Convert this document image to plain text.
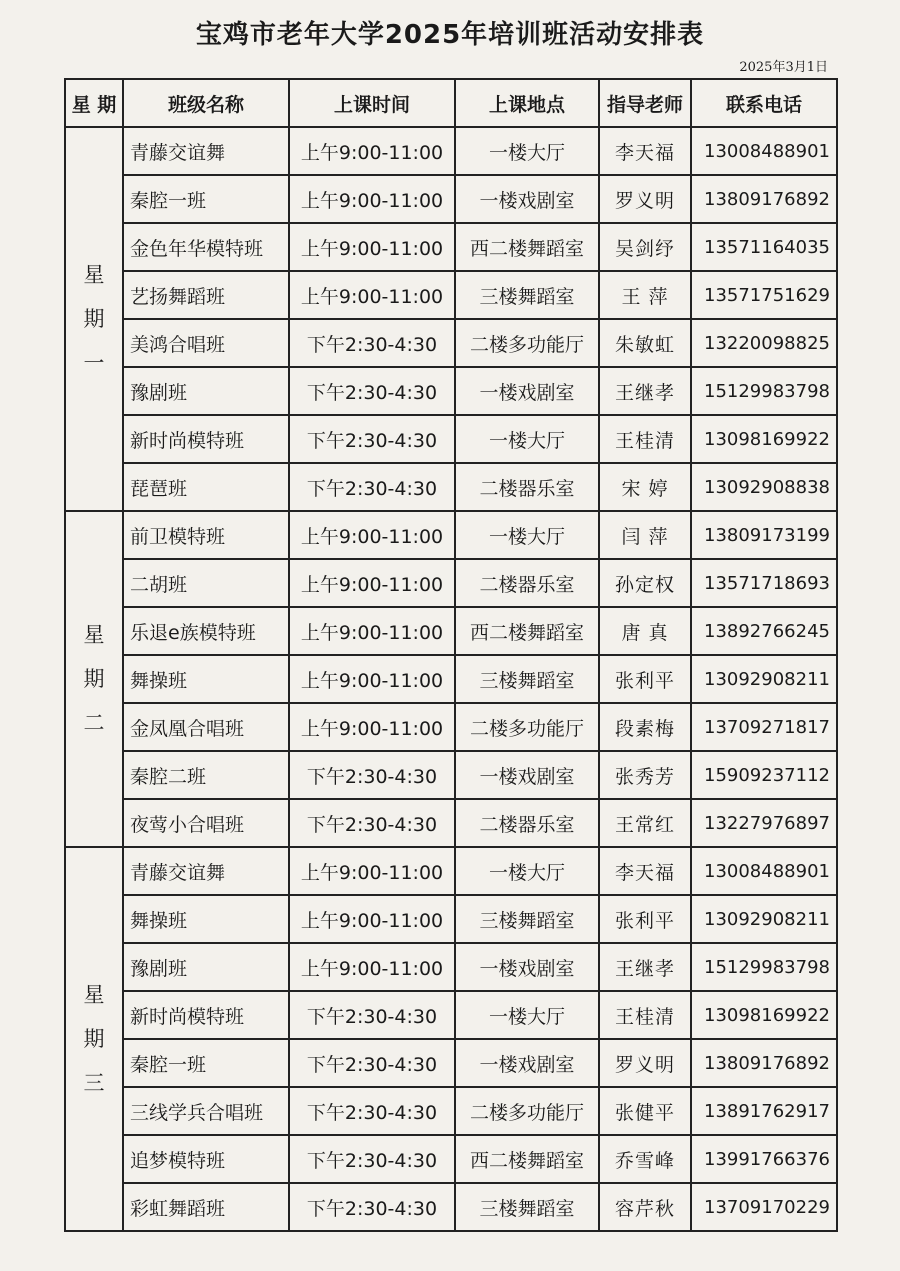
宝鸡市老年大学2025年培训班活动安排表
2025年3月1日
星 期	班级名称	上课时间	上课地点	指导老师	联系电话

星
期
一	青藤交谊舞	上午9:00-11:00	一楼大厅	李天福	13008488901
	秦腔一班	上午9:00-11:00	一楼戏剧室	罗义明	13809176892
	金色年华模特班	上午9:00-11:00	西二楼舞蹈室	吴剑纾	13571164035
	艺扬舞蹈班	上午9:00-11:00	三楼舞蹈室	王 萍	13571751629
	美鸿合唱班	下午2:30-4:30	二楼多功能厅	朱敏虹	13220098825
	豫剧班	下午2:30-4:30	一楼戏剧室	王继孝	15129983798
	新时尚模特班	下午2:30-4:30	一楼大厅	王桂清	13098169922
	琵琶班	下午2:30-4:30	二楼器乐室	宋 婷	13092908838

星
期
二	前卫模特班	上午9:00-11:00	一楼大厅	闫 萍	13809173199
	二胡班	上午9:00-11:00	二楼器乐室	孙定权	13571718693
	乐退e族模特班	上午9:00-11:00	西二楼舞蹈室	唐 真	13892766245
	舞操班	上午9:00-11:00	三楼舞蹈室	张利平	13092908211
	金凤凰合唱班	上午9:00-11:00	二楼多功能厅	段素梅	13709271817
	秦腔二班	下午2:30-4:30	一楼戏剧室	张秀芳	15909237112
	夜莺小合唱班	下午2:30-4:30	二楼器乐室	王常红	13227976897

星
期
三	青藤交谊舞	上午9:00-11:00	一楼大厅	李天福	13008488901
	舞操班	上午9:00-11:00	三楼舞蹈室	张利平	13092908211
	豫剧班	上午9:00-11:00	一楼戏剧室	王继孝	15129983798
	新时尚模特班	下午2:30-4:30	一楼大厅	王桂清	13098169922
	秦腔一班	下午2:30-4:30	一楼戏剧室	罗义明	13809176892
	三线学兵合唱班	下午2:30-4:30	二楼多功能厅	张健平	13891762917
	追梦模特班	下午2:30-4:30	西二楼舞蹈室	乔雪峰	13991766376
	彩虹舞蹈班	下午2:30-4:30	三楼舞蹈室	容芹秋	13709170229
